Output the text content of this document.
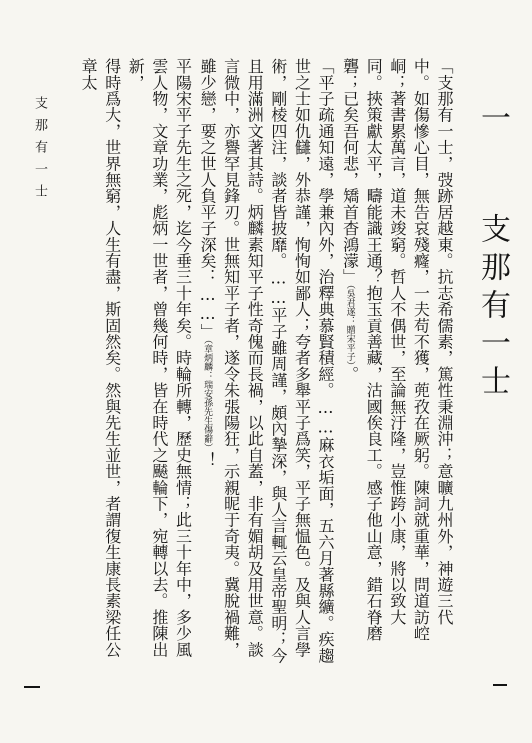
一 支那有一士
「支那有一士，弢跡居越東。抗志希儒素，篤性秉淵沖；意曠九州外，神遊三代
中。如傷慘心目，無告哀殘癃，一夫苟不獲，蔸孜在厥躬。陳詞就重華，問道訪崆
峒；著書累萬言，道未竣窮。哲人不偶世，至論無汙隆，豈惟跨小康，將以致大
同。挾策獻太平，疇能識王通？抱玉貢善藏，沽國俟良工。感子他山意，錯石脊磨
礱；已矣吾何悲，矯首杳鴻濛」（吳君遂：贈宋平子）。
「平子疏通知遠，學兼內外，治釋典慕賢積經。……麻衣垢面，五六月著縣纊。疾趨
世之士如仇讎，外恭謹，恂恂如鄙人；夸者多舉平子爲笑，平子無愠色。及與人言學
術，剛棱四注，談者皆披靡。……平子雖周謹，頗內摯深，與人言輒云皇帝聖明；今
且用滿洲文著其詩。炳麟素知平子性奇傀而長禍，以此自蓋，非有媚胡及用世意。談
言微中，亦譽罕見鋒刃。世無知平子者，遂令朱張陽狂，示親昵于奇夷。冀脫禍難，
雖少戀，要之世人負平子深矣：……」（章炳麟：瑞安孫先生傷辭）！
平陽宋平子先生之死，迄今垂三十年矣。時輪所轉，歷史無情；此三十年中，多少風
雲人物，文章功業，彪炳一世者，曾幾何時，皆在時代之飇輪下，宛轉以去。推陳出新，
得時爲大，世界無窮，人生有盡，斯固然矣。然與先生並世，者謂復生康長素梁任公章太
支那有一士
